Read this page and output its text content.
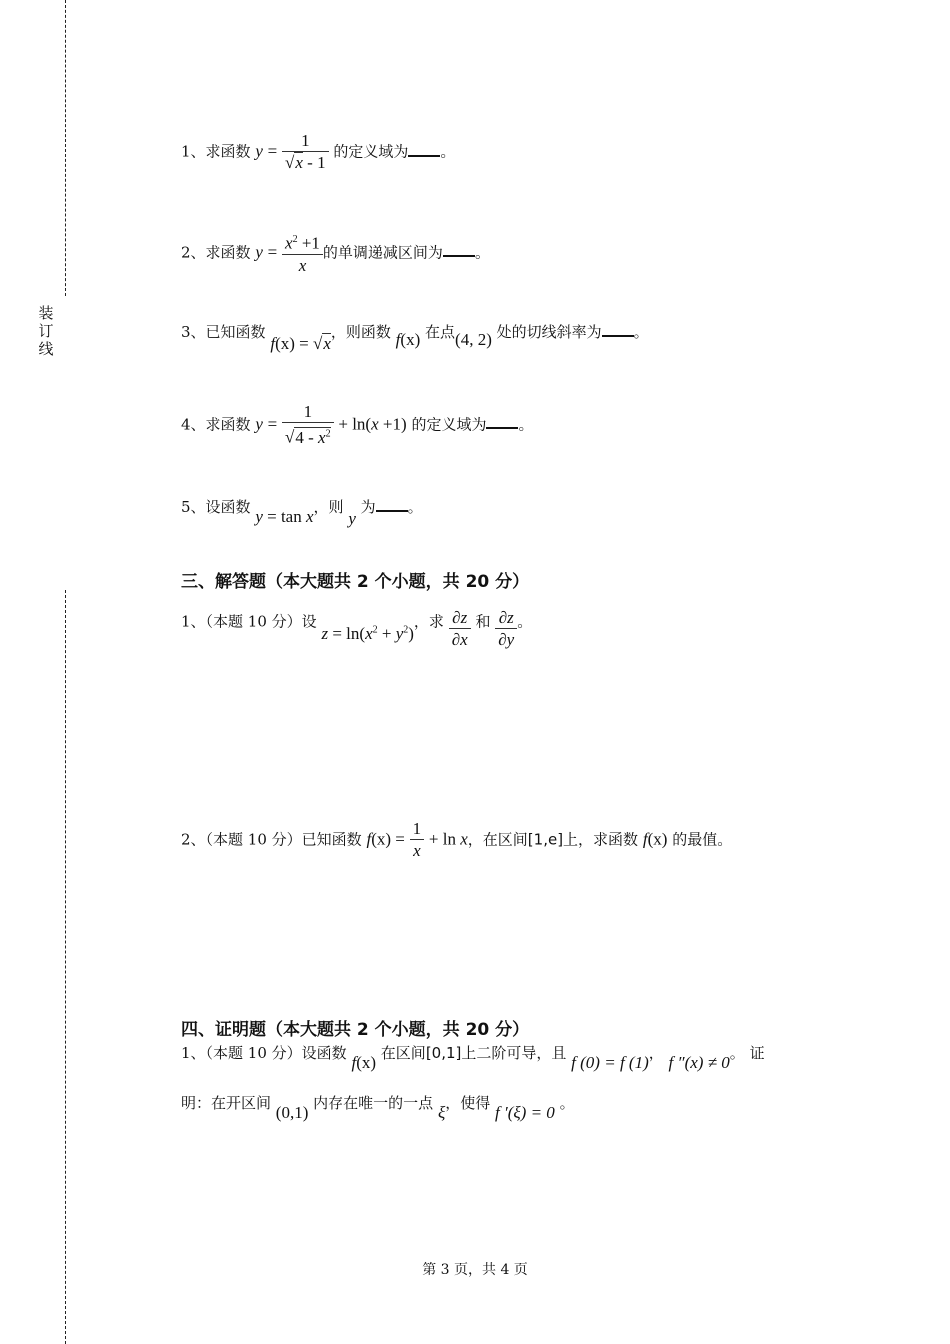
装订线
1、求函数 $y = \frac{1}{√x - 1}$ 的定义域为 。
2、求函数 $y = \frac{x^2 +1}{x}$ 的单调递减区间为 。
3、已知函数 f(x) = √x，则函数 f(x) 在点(4, 2) 处的切线斜率为 。
4、求函数 $y = \frac{1}{√4 - x^2} + \ln(x +1)$ 的定义域为 。
5、设函数 y = tan x，则 y 为 。
三、解答题（本大题共 2 个小题，共 20 分）
1、（本题 10 分）设 $z = \ln(x^2 + y^2)$，求 $\frac{\partial z}{\partial x}$ 和 $\frac{\partial z}{\partial y}$ 。
2、（本题 10 分）已知函数 $f(x) = \frac{1}{x} + \ln x$，在区间[1,e]上，求函数 f(x) 的最值。
四、证明题（本大题共 2 个小题，共 20 分）
1、（本题 10 分）设函数 f(x) 在区间[0,1]上二阶可导，且 f (0) = f (1)， f ″(x) ≠ 0。 证
明：在开区间 (0,1) 内存在唯一的一点 ξ，使得 f ′(ξ) = 0 。
第 3 页，共 4 页
